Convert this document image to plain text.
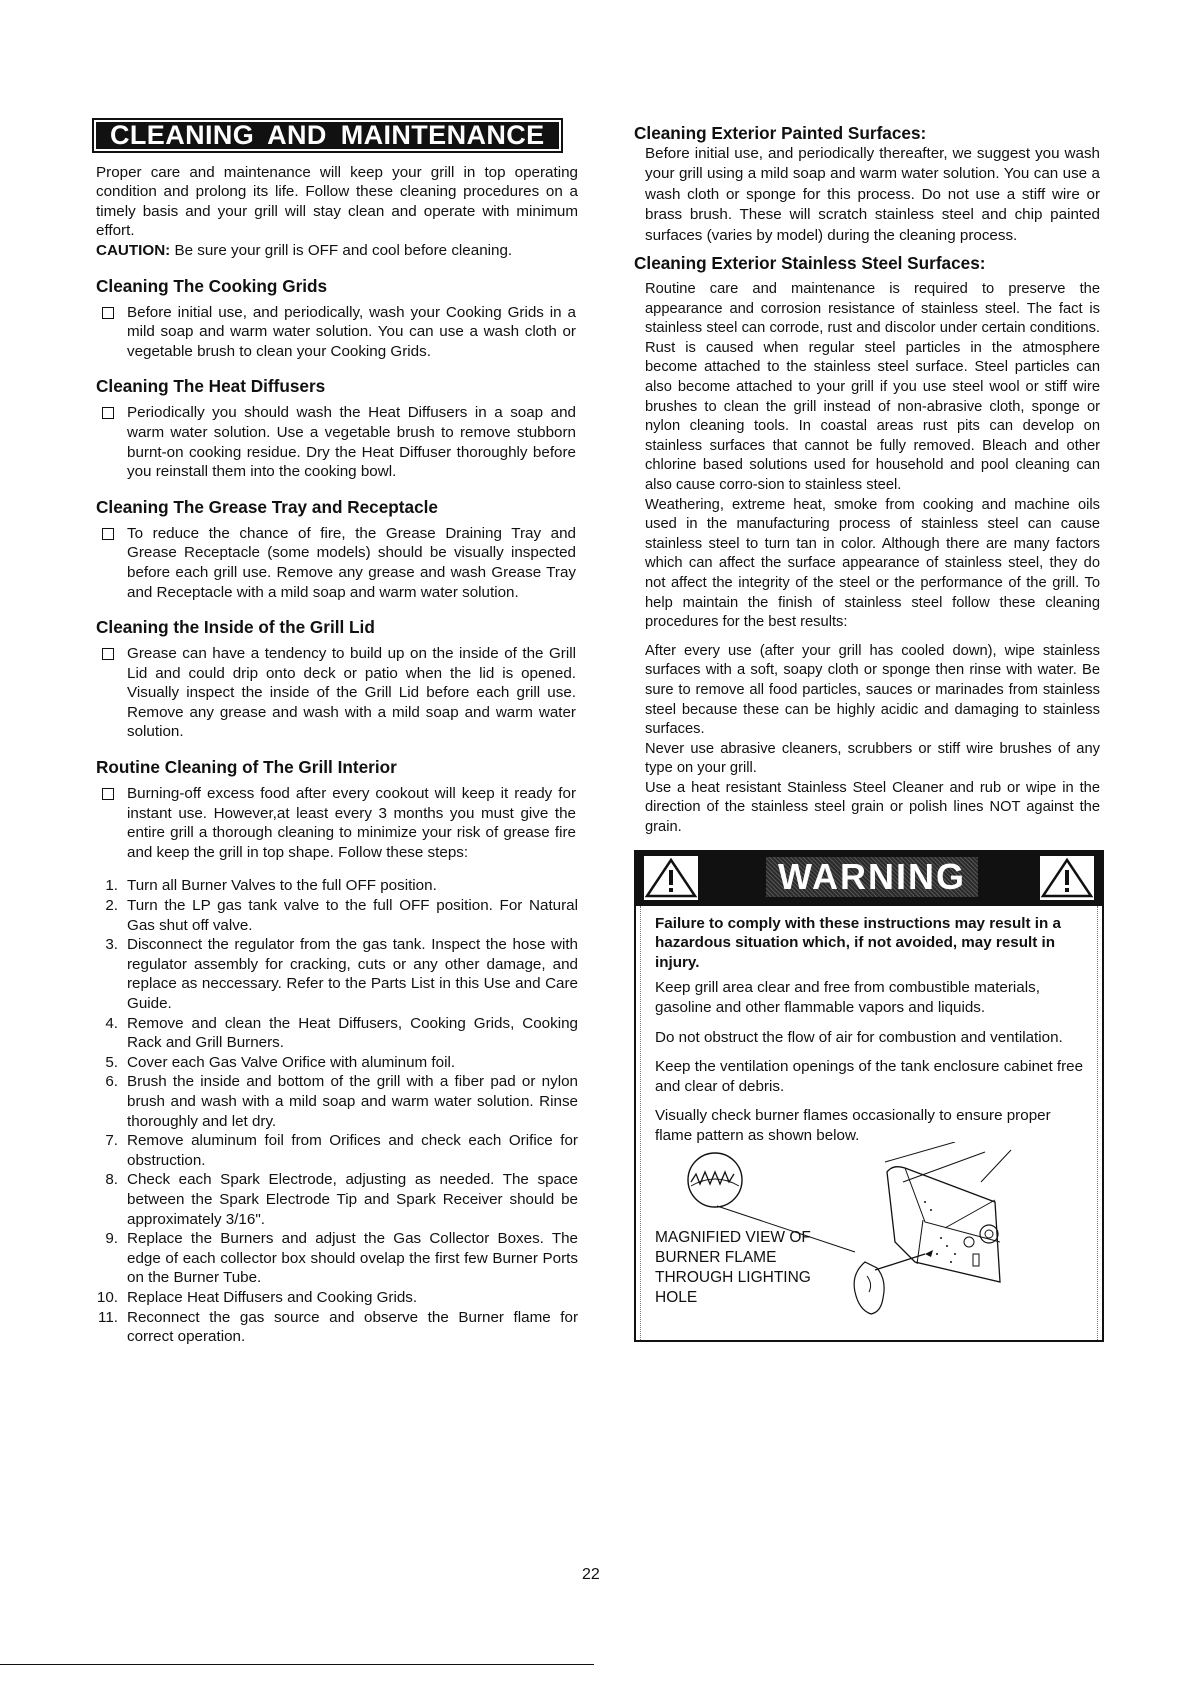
CLEANING AND MAINTENANCE

Proper care and maintenance will keep your grill in top operating condition and prolong its life. Follow these cleaning procedures on a timely basis and your grill will stay clean and operate with minimum effort.

CAUTION: Be sure your grill is OFF and cool before cleaning.

Cleaning The Cooking Grids
Before initial use, and periodically, wash your Cooking Grids in a mild soap and warm water solution. You can use a wash cloth or vegetable brush to clean your Cooking Grids.
Cleaning The Heat Diffusers
Periodically you should wash the Heat Diffusers in a soap and warm water solution. Use a vegetable brush to remove stubborn burnt-on cooking residue. Dry the Heat Diffuser thoroughly before you reinstall them into the cooking bowl.
Cleaning The Grease Tray and Receptacle
To reduce the chance of fire, the Grease Draining Tray and Grease Receptacle (some models) should be visually inspected before each grill use. Remove any grease and wash Grease Tray and Receptacle with a mild soap and warm water solution.
Cleaning the Inside of the Grill Lid
Grease can have a tendency to build up on the inside of the Grill Lid and could drip onto deck or patio when the lid is opened. Visually inspect the inside of the Grill Lid before each grill use. Remove any grease and wash with a mild soap and warm water solution.
Routine Cleaning of The Grill Interior
Burning-off excess food after every cookout will keep it ready for instant use. However,at least every 3 months you must give the entire grill a thorough cleaning to minimize your risk of grease fire and keep the grill in top shape. Follow these steps:
1. Turn all Burner Valves to the full OFF position.
2. Turn the LP gas tank valve to the full OFF position. For Natural Gas shut off valve.
3. Disconnect the regulator from the gas tank. Inspect the hose with regulator assembly for cracking, cuts or any other damage, and replace as neccessary. Refer to the Parts List in this Use and Care Guide.
4. Remove and clean the Heat Diffusers, Cooking Grids, Cooking Rack and Grill Burners.
5. Cover each Gas Valve Orifice with aluminum foil.
6. Brush the inside and bottom of the grill with a fiber pad or nylon brush and wash with a mild soap and warm water solution. Rinse thoroughly and let dry.
7. Remove aluminum foil from Orifices and check each Orifice for obstruction.
8. Check each Spark Electrode, adjusting as needed. The space between the Spark Electrode Tip and Spark Receiver should be approximately 3/16".
9. Replace the Burners and adjust the Gas Collector Boxes. The edge of each collector box should ovelap the first few Burner Ports on the Burner Tube.
10. Replace Heat Diffusers and Cooking Grids.
11. Reconnect the gas source and observe the Burner flame for correct operation.
Cleaning Exterior Painted Surfaces:

Before initial use, and periodically thereafter, we suggest you wash your grill using a mild soap and warm water solution. You can use a wash cloth or sponge for this process. Do not use a stiff wire or brass brush. These will scratch stainless steel and chip painted surfaces (varies by model) during the cleaning process.

Cleaning Exterior Stainless Steel Surfaces:

Routine care and maintenance is required to preserve the appearance and corrosion resistance of stainless steel. The fact is stainless steel can corrode, rust and discolor under certain conditions. Rust is caused when regular steel particles in the atmosphere become attached to the stainless steel surface. Steel particles can also become attached to your grill if you use steel wool or stiff wire brushes to clean the grill instead of non-abrasive cloth, sponge or nylon cleaning tools. In coastal areas rust pits can develop on stainless surfaces that cannot be fully removed. Bleach and other chlorine based solutions used for household and pool cleaning can also cause corro-sion to stainless steel.

Weathering, extreme heat, smoke from cooking and machine oils used in the manufacturing process of stainless steel can cause stainless steel to turn tan in color. Although there are many factors which can affect the surface appearance of stainless steel, they do not affect the integrity of the steel or the performance of the grill. To help maintain the finish of stainless steel follow these cleaning procedures for the best results:

After every use (after your grill has cooled down), wipe stainless surfaces with a soft, soapy cloth or sponge then rinse with water. Be sure to remove all food particles, sauces or marinades from stainless steel because these can be highly acidic and damaging to stainless surfaces.

Never use abrasive cleaners, scrubbers or stiff wire brushes of any type on your grill.

Use a heat resistant Stainless Steel Cleaner and rub or wipe in the direction of the stainless steel grain or polish lines NOT against the grain.

WARNING

Failure to comply with these instructions may result in a hazardous situation which, if not avoided, may result in injury.

Keep grill area clear and free from combustible materials, gasoline and other flammable vapors and liquids.

Do not obstruct the flow of air for combustion and ventilation.

Keep the ventilation openings of the tank enclosure cabinet free and clear of debris.

Visually check burner flames occasionally to ensure proper flame pattern as shown below.

MAGNIFIED VIEW OF
BURNER FLAME
THROUGH LIGHTING
HOLE
22
